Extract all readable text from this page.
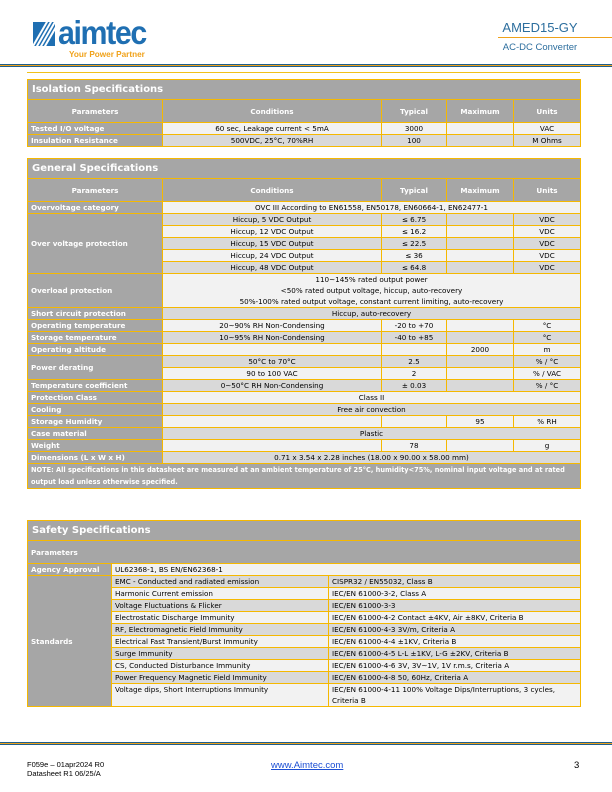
aimtec
Your Power Partner
AMED15-GY
AC-DC Converter
Isolation Specifications				
Parameters	Conditions	Typical	Maximum	Units
Tested I/O voltage	60 sec, Leakage current < 5mA	3000		VAC
Insulation Resistance	500VDC, 25°C, 70%RH	100		M Ohms
General Specifications				
Parameters	Conditions	Typical	Maximum	Units
Overvoltage category	OVC III According to EN61558, EN50178, EN60664-1, EN62477-1			
Over voltage protection	Hiccup, 5 VDC Output	≤ 6.75		VDC
	Hiccup, 12 VDC Output	≤ 16.2		VDC
	Hiccup, 15 VDC Output	≤ 22.5		VDC
	Hiccup, 24 VDC Output	≤ 36		VDC
	Hiccup, 48 VDC Output	≤ 64.8		VDC
Overload protection	110~145% rated output power
<50% rated output voltage, hiccup, auto-recovery
50%-100% rated output voltage, constant current limiting, auto-recovery			

Short circuit protection	Hiccup, auto-recovery			
Operating temperature	20~90% RH Non-Condensing	-20 to +70		°C
Storage temperature	10~95% RH Non-Condensing	-40 to +85		°C
Operating altitude			2000	m
Power derating	50°C to 70°C	2.5		% / °C
	90 to 100 VAC	2		% / VAC
Temperature coefficient	0~50°C RH Non-Condensing	± 0.03		% / °C
Protection Class	Class II			
Cooling	Free air convection			
Storage Humidity			95	% RH
Case material	Plastic			
Weight		78		g
Dimensions (L x W x H)	0.71 x 3.54 x 2.28 inches (18.00 x 90.00 x 58.00 mm)			
NOTE: All specifications in this datasheet are measured at an ambient temperature of 25°C, humidity<75%, nominal input voltage and at rated output load unless otherwise specified.				
Safety Specifications		
Parameters		
Agency Approval	UL62368-1, BS EN/EN62368-1	
Standards	EMC - Conducted and radiated emission	CISPR32 / EN55032, Class B
	Harmonic Current emission	IEC/EN 61000-3-2, Class A
	Voltage Fluctuations & Flicker	IEC/EN 61000-3-3
	Electrostatic Discharge Immunity	IEC/EN 61000-4-2 Contact ±4KV, Air ±8KV, Criteria B
	RF, Electromagnetic Field Immunity	IEC/EN 61000-4-3 3V/m, Criteria A
	Electrical Fast Transient/Burst Immunity	IEC/EN 61000-4-4 ±1KV, Criteria B
	Surge Immunity	IEC/EN 61000-4-5 L-L ±1KV, L-G ±2KV, Criteria B
	CS, Conducted Disturbance Immunity	IEC/EN 61000-4-6 3V, 3V~1V, 1V r.m.s, Criteria A
	Power Frequency Magnetic Field Immunity	IEC/EN 61000-4-8 50, 60Hz, Criteria A
	Voltage dips, Short Interruptions Immunity	IEC/EN 61000-4-11 100% Voltage Dips/Interruptions, 3 cycles, Criteria B
F059e – 01apr2024 R0
Datasheet R1 06/25/A
www.Aimtec.com	3
